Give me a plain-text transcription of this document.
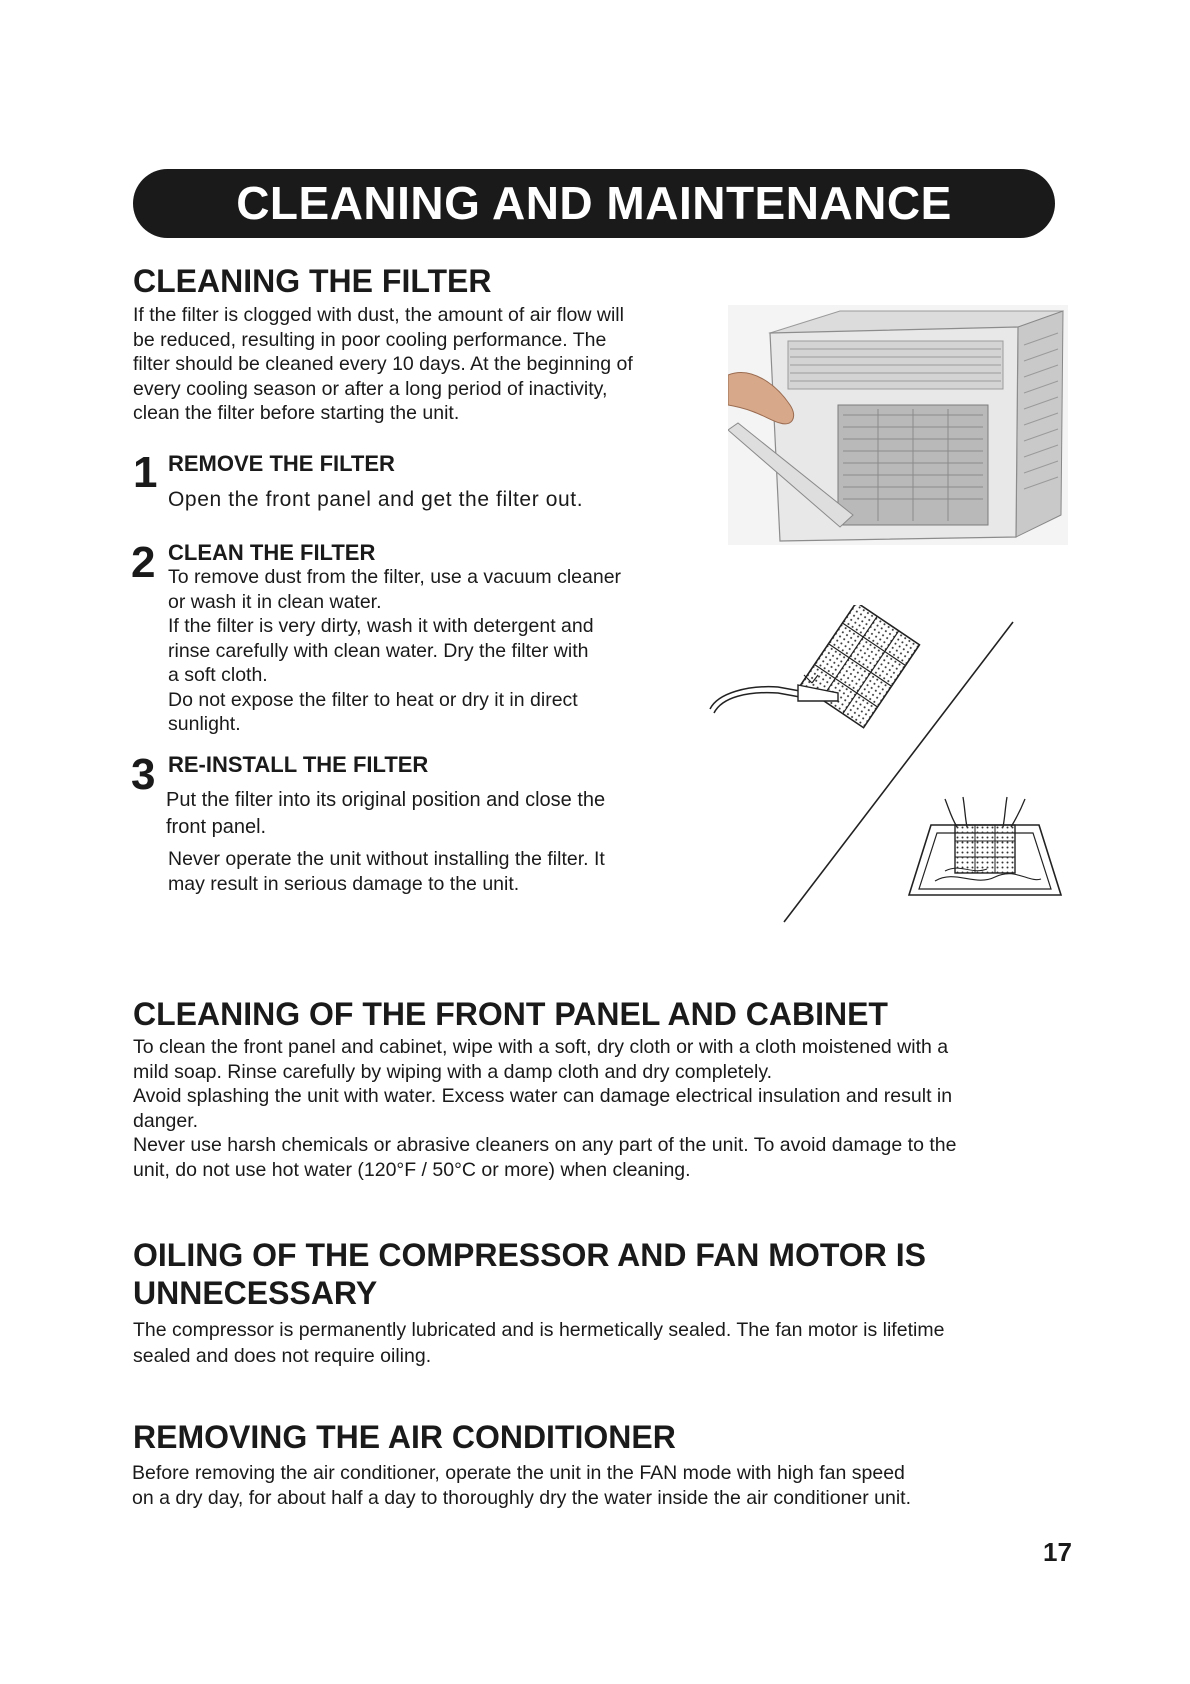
CLEANING AND MAINTENANCE
CLEANING THE FILTER

If the filter is clogged with dust, the amount of air flow will

be reduced, resulting in poor cooling performance. The

filter should be cleaned every 10 days. At the beginning of

every cooling season or after a long period of inactivity,

clean the filter before starting the unit.

1 REMOVE THE FILTER
Open the front panel and get the filter out.
2 CLEAN THE FILTER

To remove dust from the filter, use a vacuum cleaner

or wash it in clean water.

If the filter is very dirty, wash it with detergent and

rinse carefully with clean water. Dry the filter with

a soft cloth.

Do not expose the filter to heat or dry it in direct

sunlight.

3 RE-INSTALL THE FILTER

Put the filter into its original position and close the

front panel.

Never operate the unit without installing the filter. It

may result in serious damage to the unit.

CLEANING OF THE FRONT PANEL AND CABINET

To clean the front panel and cabinet, wipe with a soft, dry cloth or with a cloth moistened with a

mild soap. Rinse carefully by wiping with a damp cloth and dry completely.

Avoid splashing the unit with water. Excess water can damage electrical insulation and result in

danger.

Never use harsh chemicals or abrasive cleaners on any part of the unit. To avoid damage to the

unit, do not use hot water (120°F / 50°C or more) when cleaning.

OILING OF THE COMPRESSOR AND FAN MOTOR IS

UNNECESSARY

The compressor is permanently lubricated and is hermetically sealed. The fan motor is lifetime

sealed and does not require oiling.

REMOVING THE AIR CONDITIONER

Before removing the air conditioner, operate the unit in the FAN mode with high fan speed

on a dry day, for about half a day to thoroughly dry the water inside the air conditioner unit.

17
